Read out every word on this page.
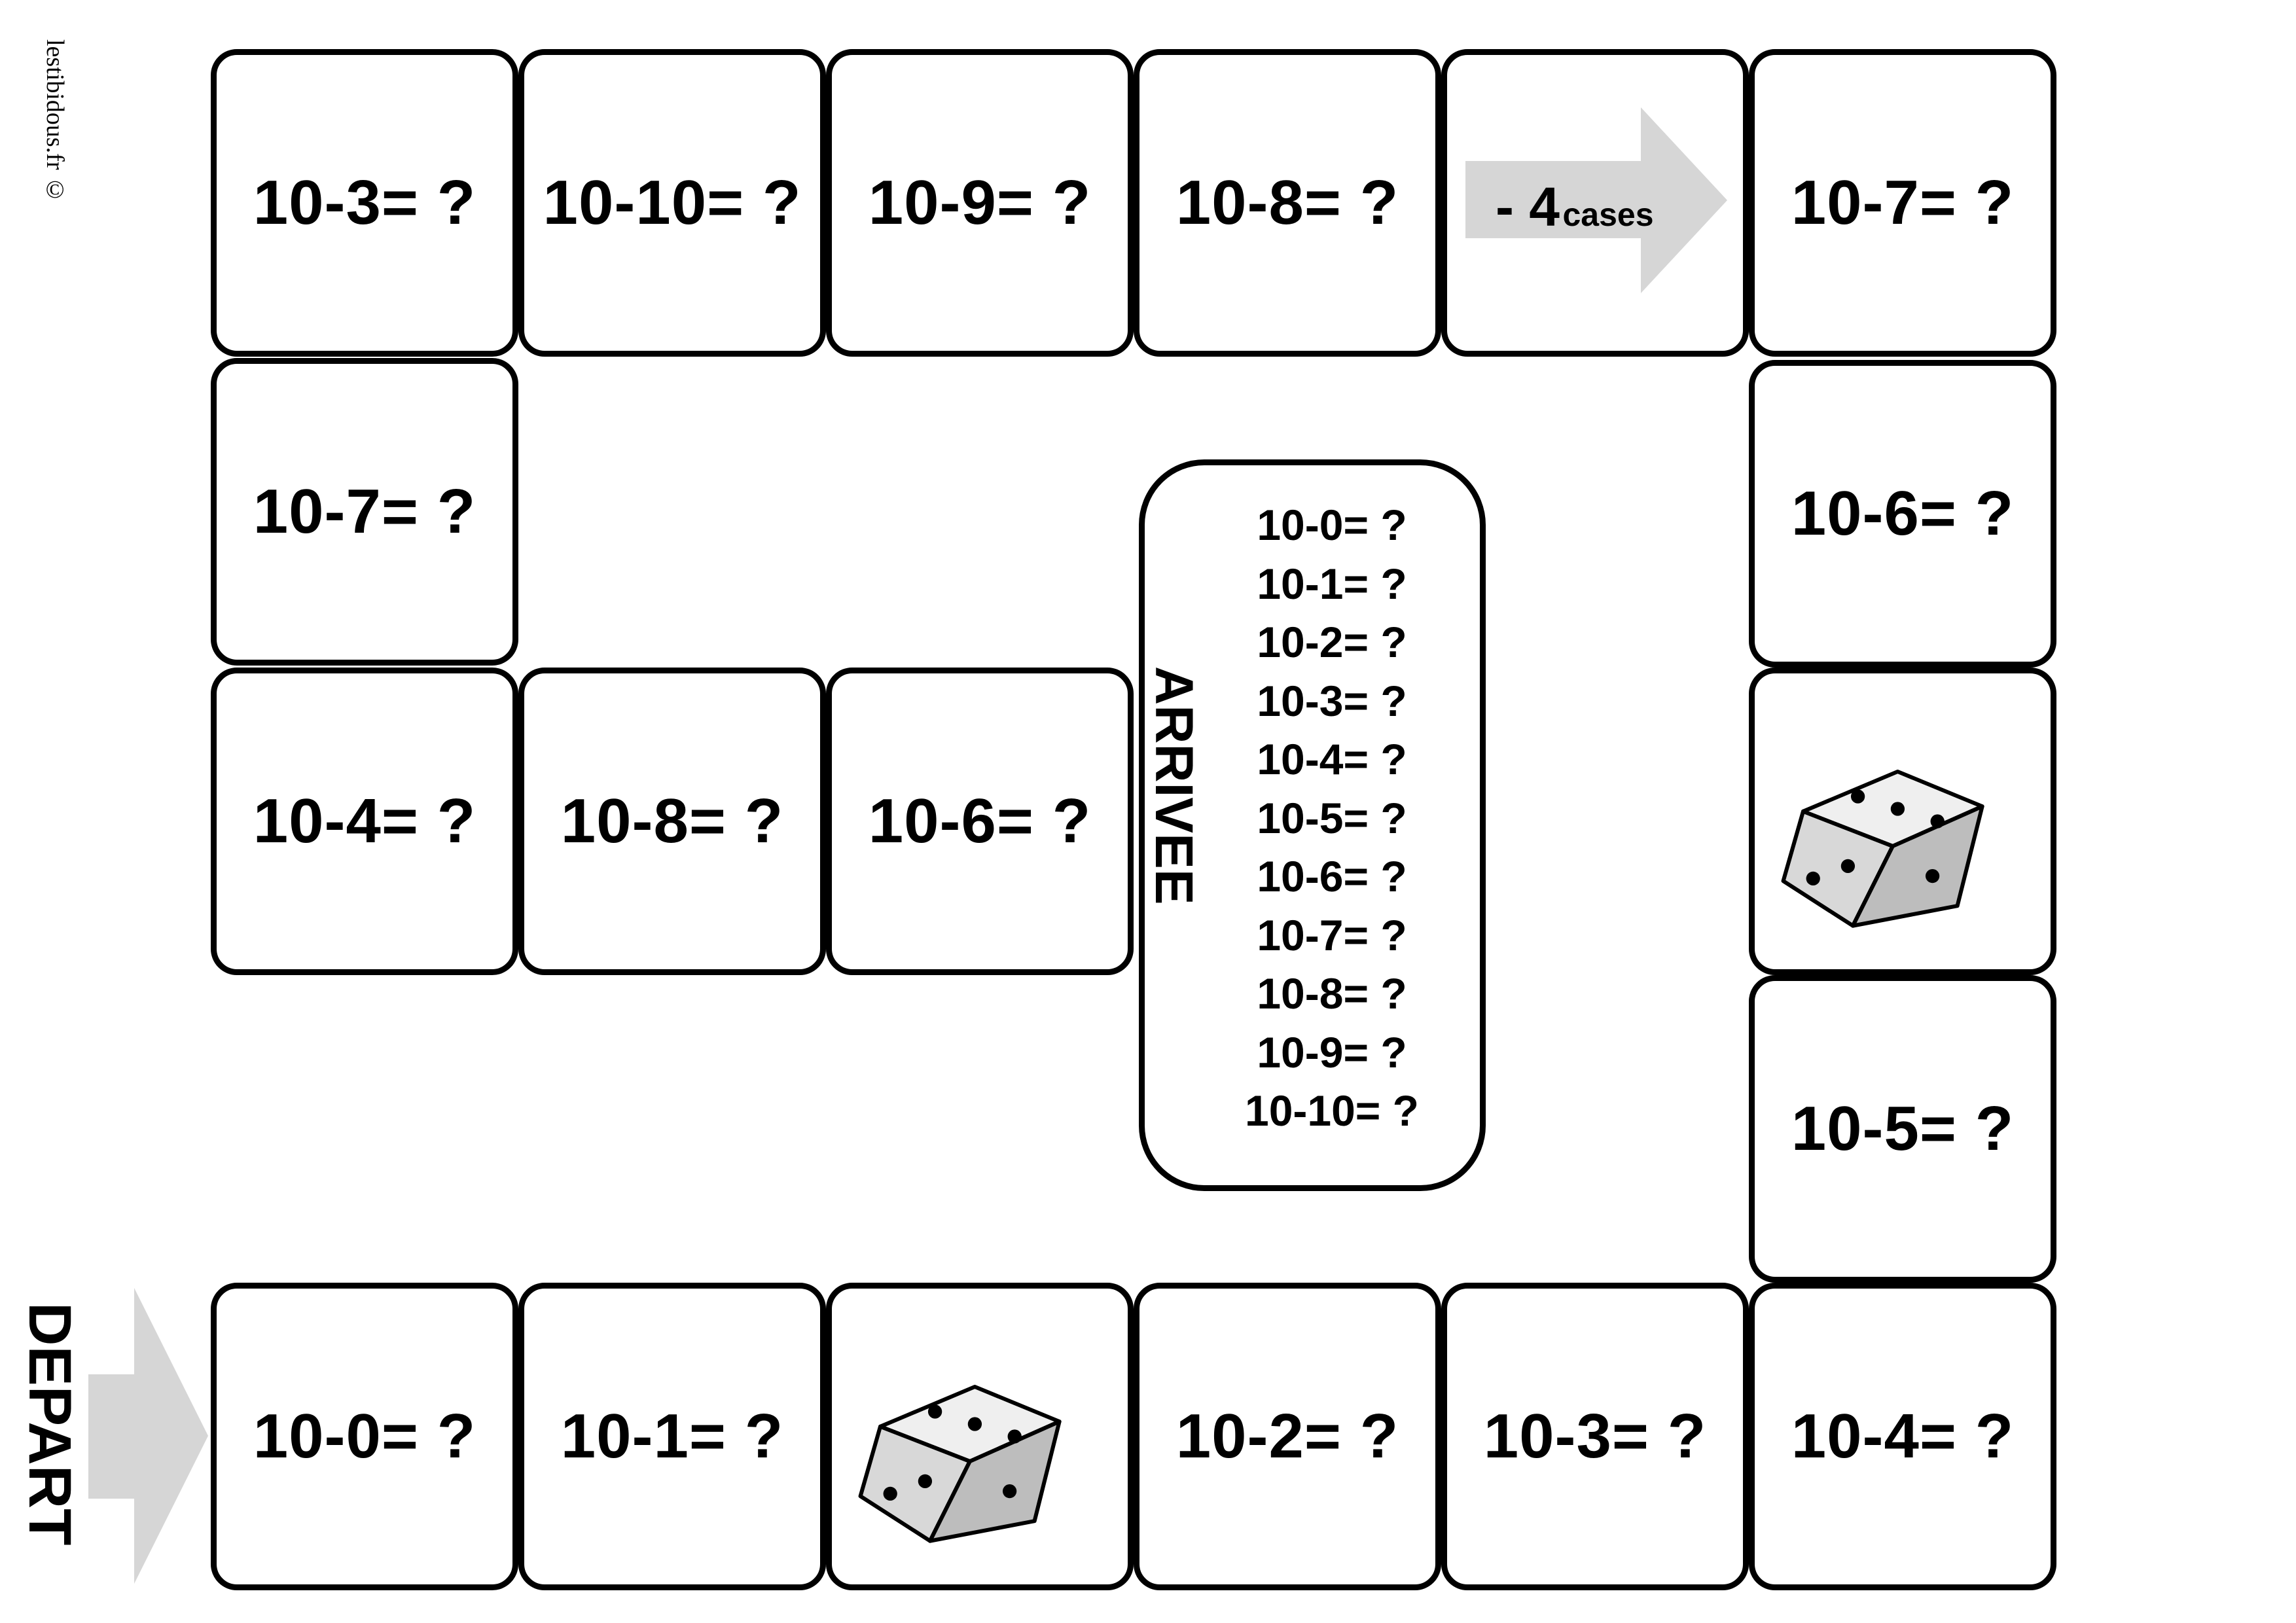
lestibidous.fr ©
DEPART	10-0= ? 10-1= ?	10-2= ? 10-3= ? 10-4= ?
10-5= ?
10-6= ?
10-3= ? 10-10= ? 10-9= ? 10-8= ? - 4 cases 10-7= ?
10-7= ?
10-4= ? 10-8= ? 10-6= ? ARRIVEE
10-0= ?
10-1= ?
10-2= ?
10-3= ?
10-4= ?
10-5= ?
10-6= ?
10-7= ?
10-8= ?
10-9= ?
10-10= ?
